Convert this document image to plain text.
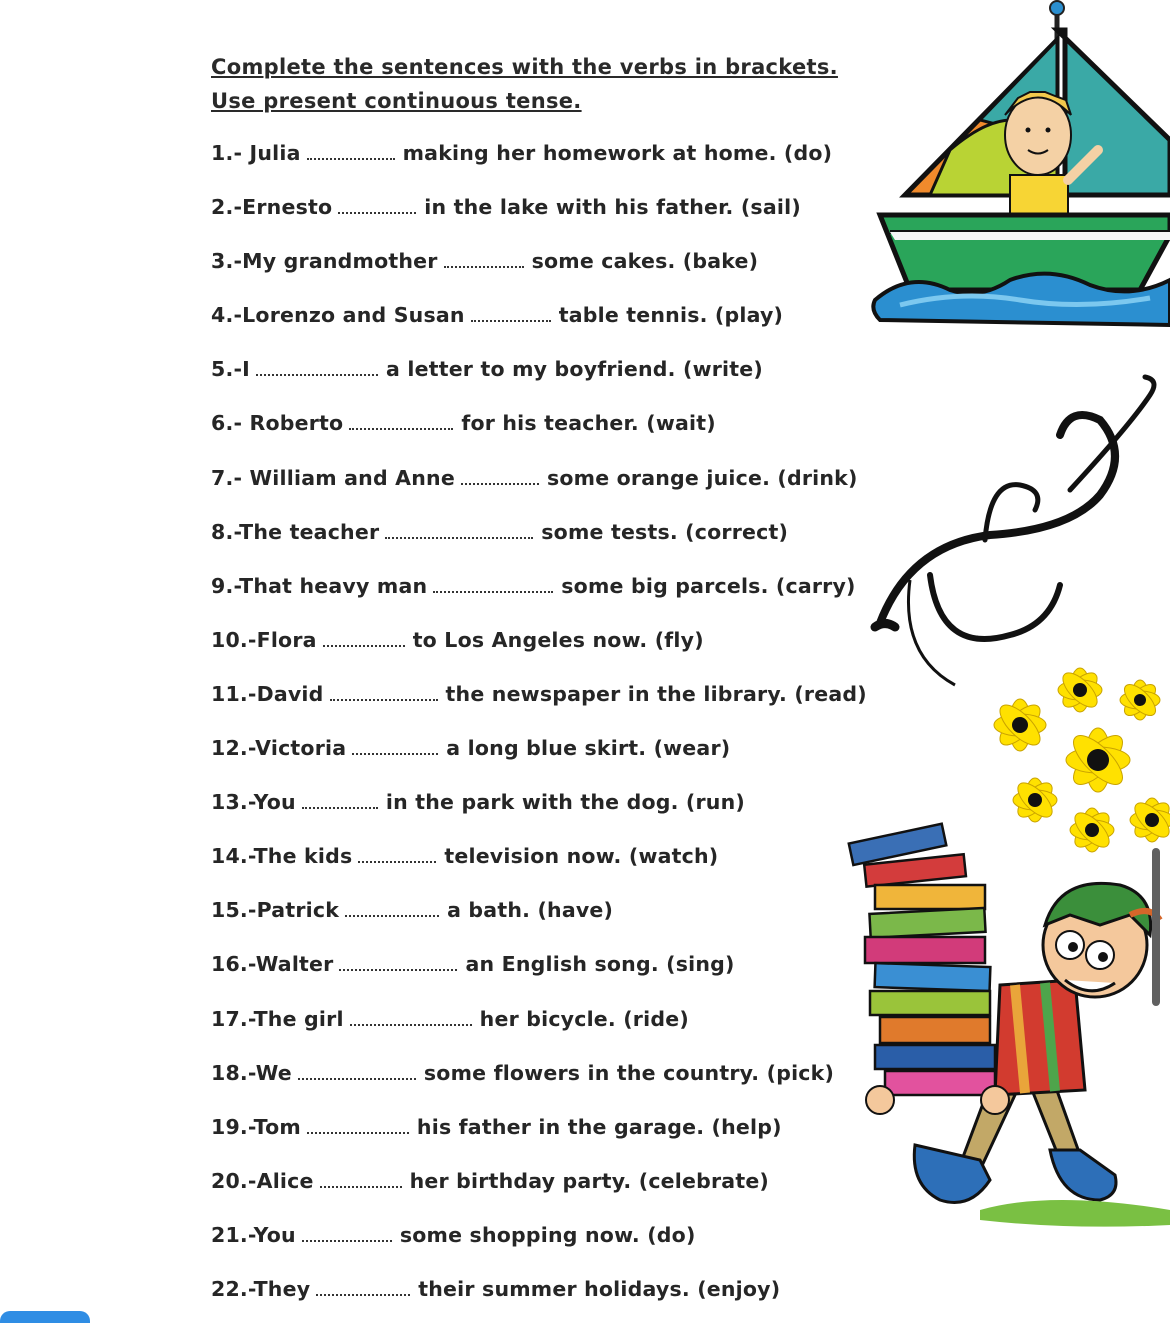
Complete the sentences with the verbs in brackets. Use present continuous tense.
1.- Julia	making her homework at home. (do)
2.-Ernesto	in the lake with his father. (sail)
3.-My grandmother	some cakes. (bake)
4.-Lorenzo and Susan	table tennis. (play)
5.-I	a letter to my boyfriend. (write)
6.- Roberto	for his teacher. (wait)
7.- William and Anne	some orange juice. (drink)
8.-The teacher	some tests. (correct)
9.-That heavy man	some big parcels. (carry)
10.-Flora	to Los Angeles now. (fly)
11.-David	the newspaper in the library. (read)
12.-Victoria	a long blue skirt. (wear)
13.-You	in the park with the dog. (run)
14.-The kids	television now. (watch)
15.-Patrick	a bath. (have)
16.-Walter	an English song. (sing)
17.-The girl	her bicycle. (ride)
18.-We	some flowers in the country. (pick)
19.-Tom	his father in the garage. (help)
20.-Alice	her birthday party. (celebrate)
21.-You	some shopping now. (do)
22.-They	their summer holidays. (enjoy)
